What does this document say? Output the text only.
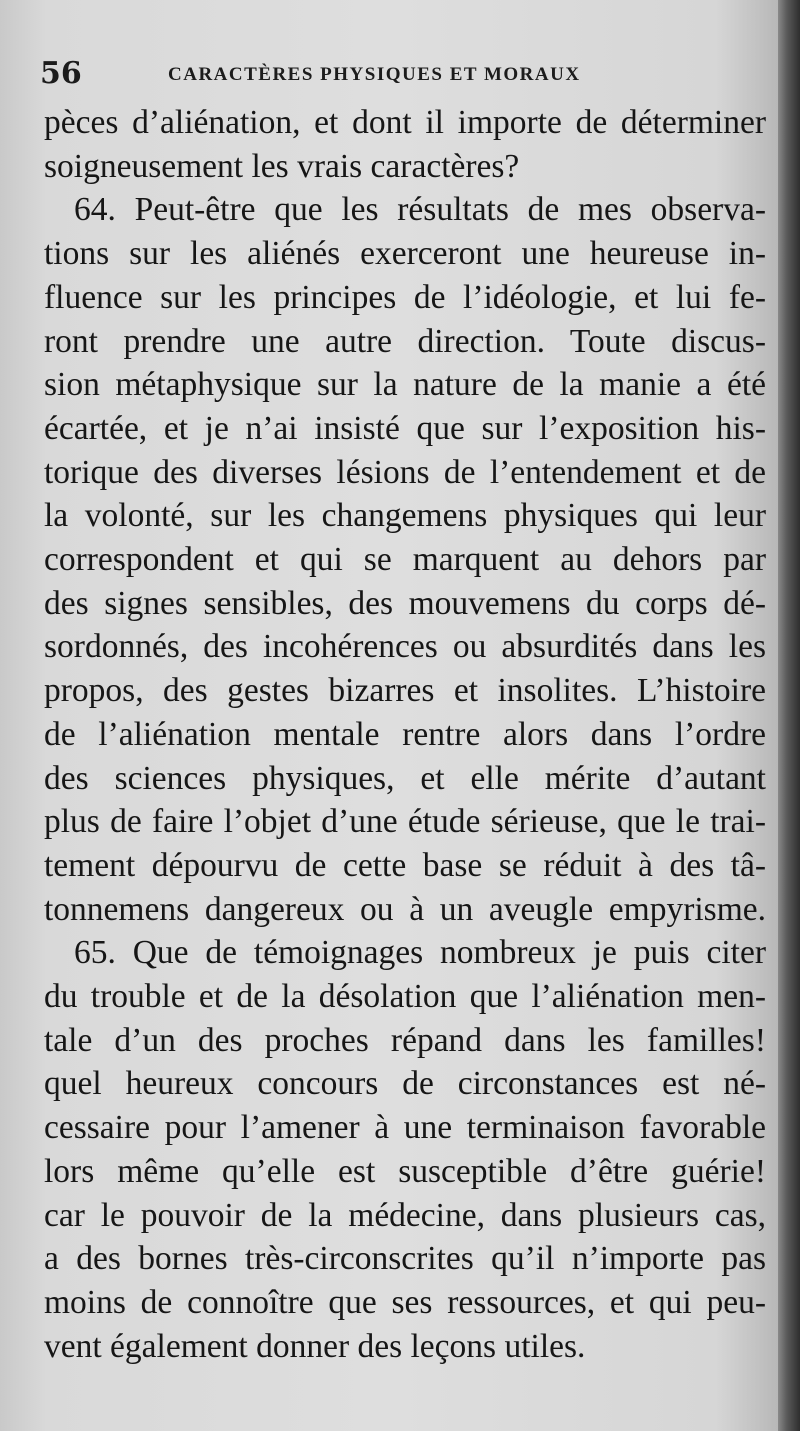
56	CARACTÈRES PHYSIQUES ET MORAUX
pèces d’aliénation, et dont il importe de déterminer
soigneusement les vrais caractères?
64. Peut-être que les résultats de mes observa-
tions sur les aliénés exerceront une heureuse in-
fluence sur les principes de l’idéologie, et lui fe-
ront prendre une autre direction. Toute discus-
sion métaphysique sur la nature de la manie a été
écartée, et je n’ai insisté que sur l’exposition his-
torique des diverses lésions de l’entendement et de
la volonté, sur les changemens physiques qui leur
correspondent et qui se marquent au dehors par
des signes sensibles, des mouvemens du corps dé-
sordonnés, des incohérences ou absurdités dans les
propos, des gestes bizarres et insolites. L’histoire
de l’aliénation mentale rentre alors dans l’ordre
des sciences physiques, et elle mérite d’autant
plus de faire l’objet d’une étude sérieuse, que le trai-
tement dépourvu de cette base se réduit à des tâ-
tonnemens dangereux ou à un aveugle empyrisme.
65. Que de témoignages nombreux je puis citer
du trouble et de la désolation que l’aliénation men-
tale d’un des proches répand dans les familles!
quel heureux concours de circonstances est né-
cessaire pour l’amener à une terminaison favorable
lors même qu’elle est susceptible d’être guérie!
car le pouvoir de la médecine, dans plusieurs cas,
a des bornes très-circonscrites qu’il n’importe pas
moins de connoître que ses ressources, et qui peu-
vent également donner des leçons utiles.
